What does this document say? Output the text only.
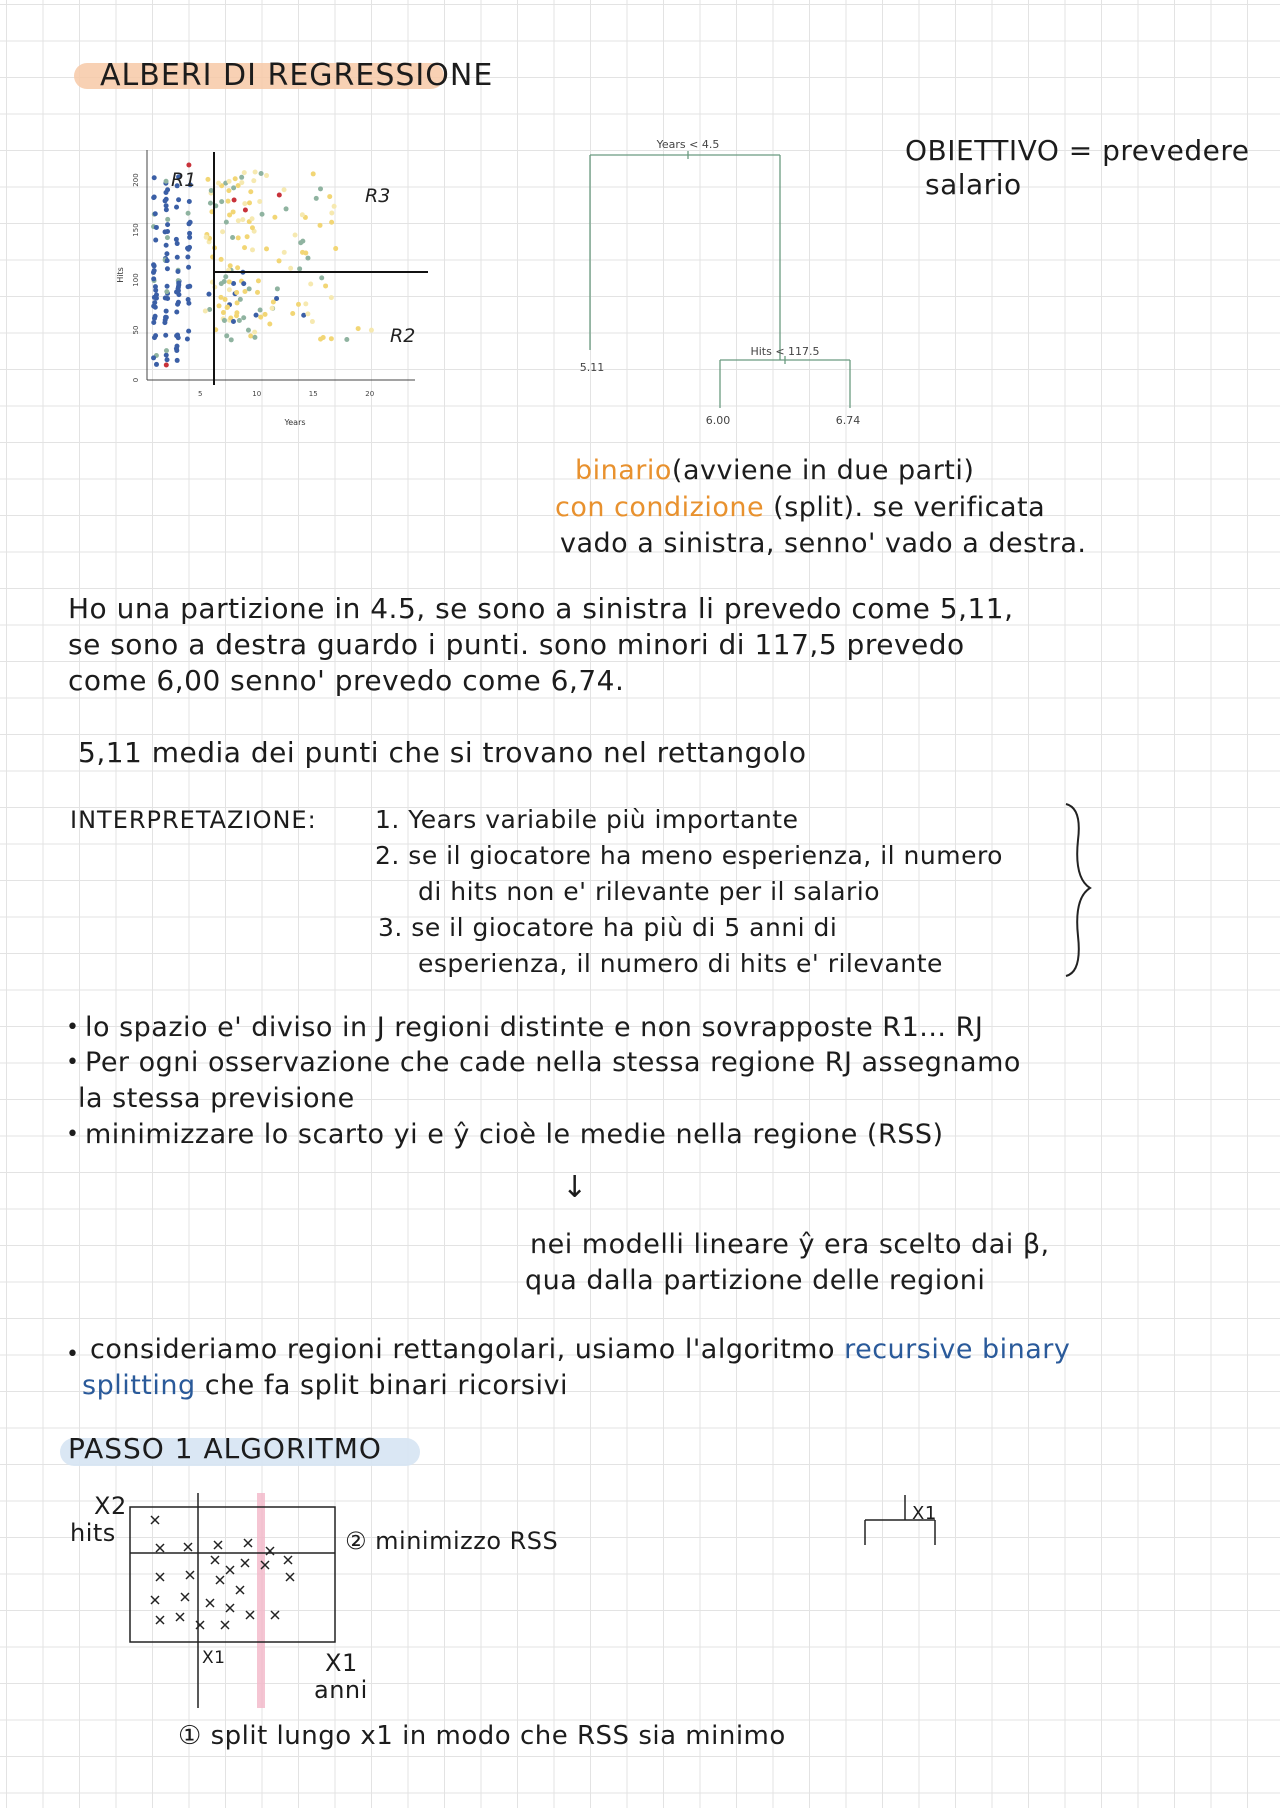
ALBERI DI REGRESSIONE
Hits
Years
0
50
100
150
200
5	10	15	20
R1
R3
R2
Years < 4.5
Hits < 117.5
5.11
6.00	6.74
OBIETTIVO = prevedere
salario
binario(avviene in due parti)
con condizione (split). se verificata
vado a sinistra, senno' vado a destra.
Ho una partizione in 4.5, se sono a sinistra li prevedo come 5,11,
se sono a destra guardo i punti. sono minori di 117,5 prevedo
come 6,00 senno' prevedo come 6,74.
5,11 media dei punti che si trovano nel rettangolo
INTERPRETAZIONE: 1. Years variabile più importante
2. se il giocatore ha meno esperienza, il numero
di hits non e' rilevante per il salario
3. se il giocatore ha più di 5 anni di
esperienza, il numero di hits e' rilevante
• lo spazio e' diviso in J regioni distinte e non sovrapposte R1... RJ
• Per ogni osservazione che cade nella stessa regione RJ assegnamo
la stessa previsione
• minimizzare lo scarto yi e ŷ cioè le medie nella regione (RSS)
↓
nei modelli lineare ŷ era scelto dai β,
qua dalla partizione delle regioni
• consideriamo regioni rettangolari, usiamo l'algoritmo recursive binary
splitting che fa split binari ricorsivi
PASSO 1 ALGORITMO
X2
hits
X1	X1
anni
② minimizzo RSS
① split lungo x1 in modo che RSS sia minimo
X1
